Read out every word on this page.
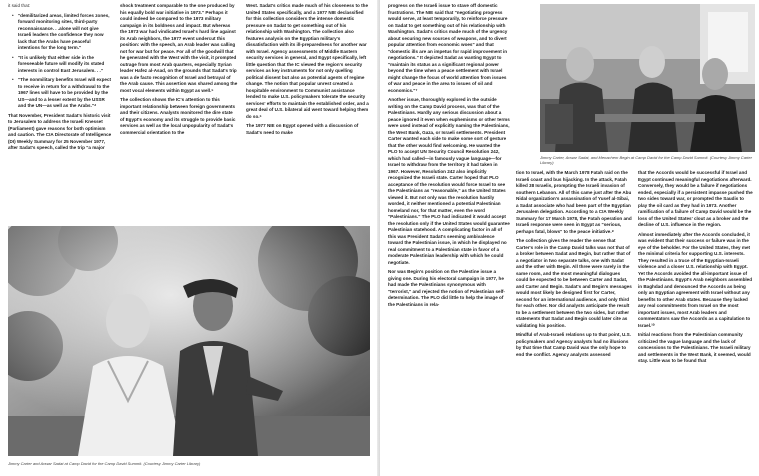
it said that:

• "demilitarized areas, limited forces zones, forward monitoring sites, third-party reconnaissance. . .alone will not give Israeli leaders the confidence they now lack that the Arabs have peaceful intentions for the long term."
• "It is unlikely that either side in the foreseeable future will modify its stated interests in control East Jerusalem. . ."
• "The nonmilitary benefits Israel will expect to receive in return for a withdrawal to the 1967 lines will have to be provided by the US—and to a lesser extent by the USSR and the UN—as well as the Arabs."⁴

That November, President Sadat's historic visit to Jerusalem to address the Israeli Knesset (Parliament) gave reasons for both optimism and caution. The CIA Directorate of Intelligence (DI) Weekly Summary for 25 November 1977, after Sadat's speech, called the trip "a major

shock treatment comparable to the one produced by his equally bold war initiative in 1973." Perhaps it could indeed be compared to the 1973 military campaign in its boldness and impact. But whereas the 1973 war had vindicated Israel's hard line against its Arab neighbors, the 1977 event undercut this position: with the speech, an Arab leader was calling not for war but for peace. For all of the goodwill that he generated with the West with the visit, it prompted outrage from most Arab quarters, especially Syrian leader Hafez al-Asad, on the grounds that Sadat's trip was a de facto recognition of Israel and betrayal of the Arab cause. This assertion was shared among the most vocal elements within Egypt as well.⁵

The collection shows the IC's attention to this important relationship between foreign governments and their citizens. Analysts monitored the dire state of Egypt's economy and its struggle to provide basic services as well as the local unpopularity of Sadat's commercial orientation to the

West. Sadat's critics made much of his closeness to the United States specifically, and a 1977 NIE declassified for this collection considers the intense domestic pressure on Sadat to get something out of his relationship with Washington. The collection also features analysis on the Egyptian military's dissatisfaction with its ill-preparedness for another war with Israel. Agency assessments of Middle Eastern security services in general, and Egypt specifically, left little question that the IC viewed the region's security services as key instruments for not only quelling political dissent but also as potential agents of regime change. The notion that popular unrest created a hospitable environment to Communist assistance lended to make U.S. policymakers tolerate the security services' efforts to maintain the established order, and a great deal of U.S. bilateral aid went toward helping them do so.⁶

The 1977 NIE on Egypt opened with a discussion of Sadat's need to make

Jimmy Carter and Anwar Sadat at Camp David for the Camp David Summit. (Courtesy Jimmy Carter Library)

progress on the Israeli issue to stave off domestic frustrations. The NIE said that "negotiating progress would serve, at least temporarily, to reinforce pressure on Sadat to get something out of his relationship with Washington. Sadat's critics made much of the urgency about securing new sources of weapons, and to divert popular attention from economic woes" and that "domestic ills are an impetus for rapid improvement in negotiations." It depicted Sadat as wanting Egypt to "maintain its status as a significant regional power beyond the time when a peace settlement with Israel might change the focus of world attention from issues of war and peace in the area to issues of oil and economics."⁷

Another issue, thoroughly explored in the outside writing on the Camp David process, was that of the Palestinians. Hardly any serious discussion about a peace ignored it even when euphemisms or other terms were used instead of explicitly naming the Palestinians, the West Bank, Gaza, or Israeli settlements. President Carter wanted each side to make some sort of gesture that the other would find welcoming. He wanted the PLO to accept UN Security Council Resolution 242, which had called—in famously vague language—for Israel to withdraw from the territory it had taken in 1967. However, Resolution 242 also implicitly recognized the Israeli state. Carter hoped that PLO acceptance of the resolution would force Israel to see the Palestinians as "reasonable," as the United States viewed it. But not only was the resolution hastily worded, it neither mentioned a potential Palestinian homeland nor, for that matter, even the word "Palestinians." The PLO had indicated it would accept the resolution only if the United States would guarantee Palestinian statehood. A complicating factor in all of this was President Sadat's seeming ambivalence toward the Palestinian issue, in which he displayed no real commitment to a Palestinian state in favor of a moderate Palestinian leadership with which he could negotiate.

Nor was Begin's position on the Palestine issue a giving one. During his electoral campaign in 1977, he had made the Palestinians synonymous with "terrorist," and rejected the notion of Palestinian self-determination. The PLO did little to help the image of the Palestinians in rela-

Jimmy Carter, Anwar Sadat, and Menachem Begin at Camp David for the Camp David Summit. (Courtesy Jimmy Carter Library)

tion to Israel, with the March 1978 Fatah raid on the Israeli coast and bus hijacking. In the attack, Fatah killed 38 Israelis, prompting the Israeli invasion of southern Lebanon. All of this came just after the Abu Nidal organization's assassination of Yusef al-Sibai, a Sadat associate who had been part of the Egyptian Jerusalem delegation. According to a CIA Weekly Summary for 17 March 1978, the Fatah operation and Israeli response were seen in Egypt as "serious, perhaps fatal, blows" to the peace initiative.⁸

The collection gives the reader the sense that Carter's role in the Camp David talks was not that of a broker between Sadat and Begin, but rather that of a negotiator in two separate talks, one with Sadat and the other with Begin. All three were rarely in the same room, and the most meaningful dialogues could be expected to be between Carter and Sadat, and Carter and Begin. Sadat's and Begin's messages would most likely be designed first for Carter, second for an international audience, and only third for each other. Nor did analysts anticipate the result to be a settlement between the two sides, but rather statements that Sadat and Begin could later cite as validating his position.

Mindful of Arab-Israeli relations up to that point, U.S. policymakers and Agency analysts had no illusions by that time that Camp David was the only hope to end the conflict. Agency analysts assessed

that the Accords would be successful if Israel and Egypt continued meaningful negotiations afterward. Conversely, they would be a failure if negotiations ended, especially if a persistent impasse pushed the two sides toward war, or prompted the Saudis to play the oil card as they had in 1973. Another ramification of a failure of Camp David would be the loss of the United States' clout as a broker and the decline of U.S. influence in the region.

Almost immediately after the Accords concluded, it was evident that their success or failure was in the eye of the beholder. For the United States, they met the minimal criteria for supporting U.S. interests. They resulted in a truce of the Egyptian-Israeli violence and a closer U.S. relationship with Egypt. Yet the Accords avoided the all-important issue of the Palestinians. Egypt's Arab neighbors assembled in Baghdad and denounced the Accords as being only an Egyptian agreement with Israel without any benefits to other Arab states. Because they lacked any real commitments from Israel on the most important issues, most Arab leaders and commentators saw the Accords as a capitulation to Israel.¹⁰

Initial reactions from the Palestinian community criticized the vague language and the lack of concessions to the Palestinians. The Israeli military and settlements in the West Bank, it seemed, would stay. Little was to be found that
